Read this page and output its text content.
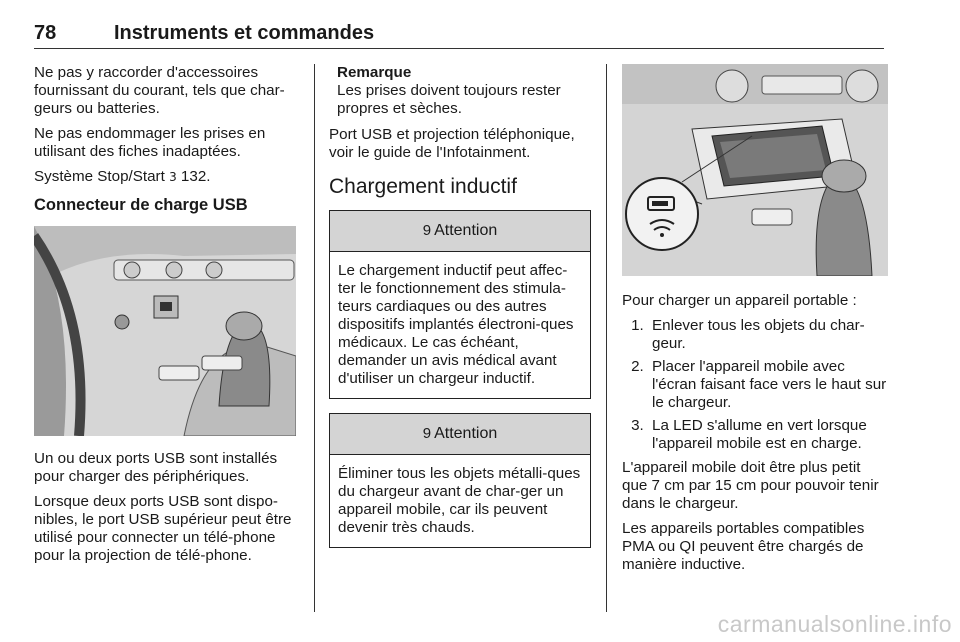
78	Instruments et commandes

Ne pas y raccorder d'accessoires fournissant du courant, tels que char-geurs ou batteries.

Ne pas endommager les prises en utilisant des fiches inadaptées.

Système Stop/Start 3 132.

Connecteur de charge USB

Un ou deux ports USB sont installés pour charger des périphériques.

Lorsque deux ports USB sont dispo-nibles, le port USB supérieur peut être utilisé pour connecter un télé-phone pour la projection de télé-phone.

Remarque
Les prises doivent toujours rester propres et sèches.

Port USB et projection téléphonique, voir le guide de l'Infotainment.

Chargement inductif
9 Attention
Le chargement inductif peut affec-ter le fonctionnement des stimula-teurs cardiaques ou des autres dispositifs implantés électroni-ques médicaux. Le cas échéant, demander un avis médical avant d'utiliser un chargeur inductif.
9 Attention
Éliminer tous les objets métalli-ques du chargeur avant de char-ger un appareil mobile, car ils peuvent devenir très chauds.

Pour charger un appareil portable :

1. Enlever tous les objets du char-geur.
2. Placer l'appareil mobile avec l'écran faisant face vers le haut sur le chargeur.
3. La LED s'allume en vert lorsque l'appareil mobile est en charge.

L'appareil mobile doit être plus petit que 7 cm par 15 cm pour pouvoir tenir dans le chargeur.

Les appareils portables compatibles PMA ou QI peuvent être chargés de manière inductive.

carmanualsonline.info
